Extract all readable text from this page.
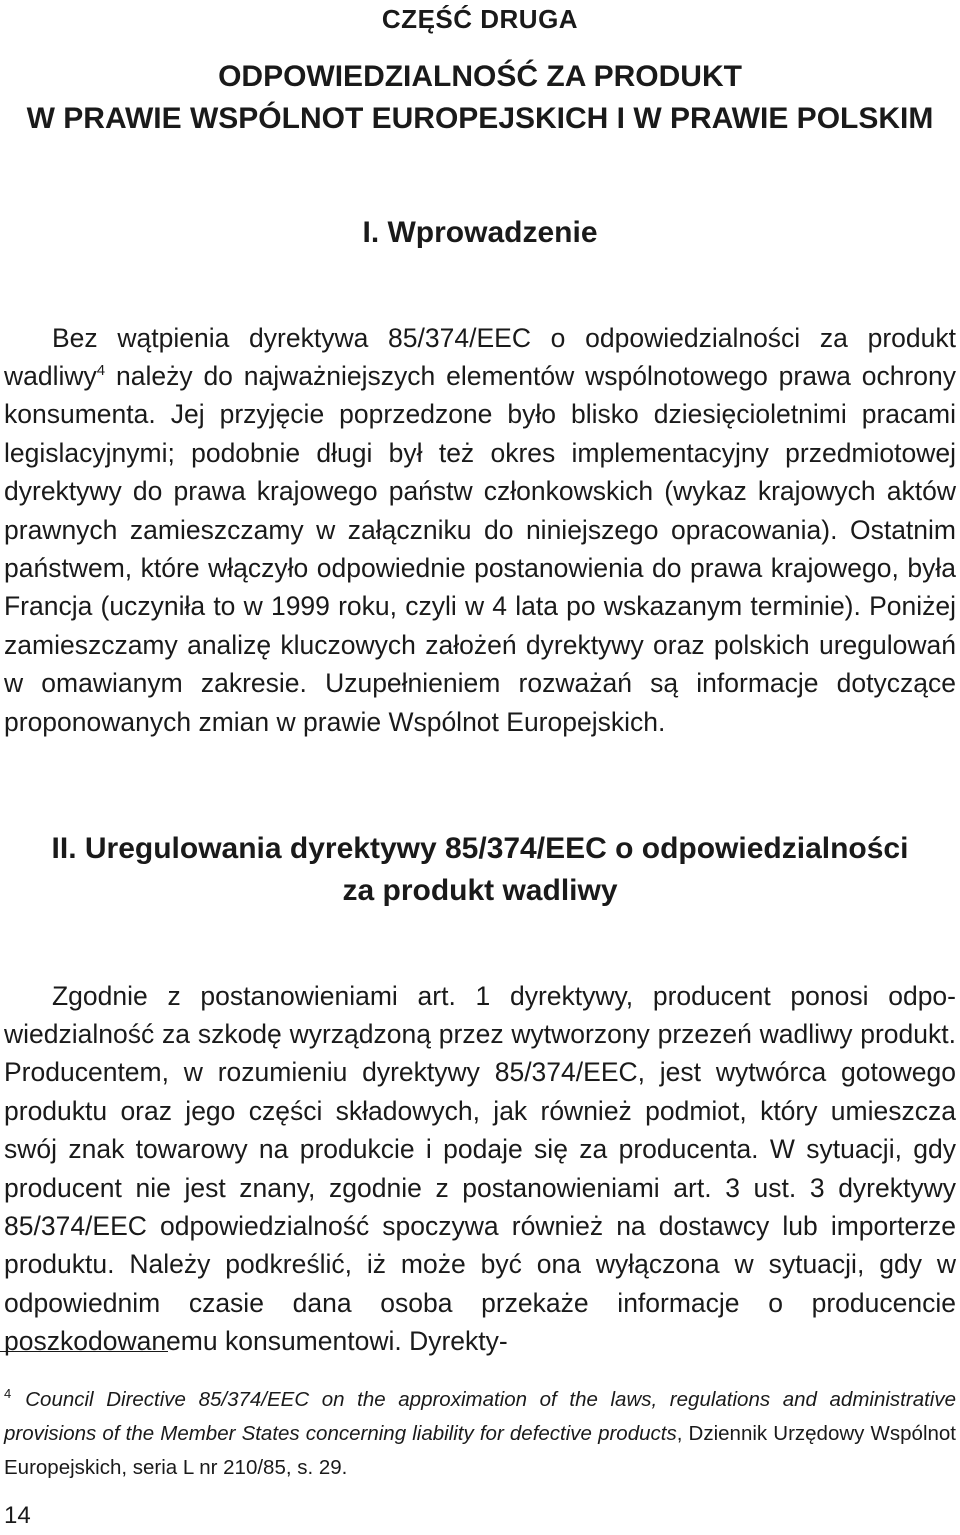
CZĘŚĆ DRUGA
ODPOWIEDZIALNOŚĆ ZA PRODUKT
W PRAWIE WSPÓLNOT EUROPEJSKICH I W PRAWIE POLSKIM
I. Wprowadzenie

Bez wątpienia dyrektywa 85/374/EEC o odpowiedzialności za produkt wadliwy$^4$ należy do najważniejszych elementów wspólnotowego prawa ochrony konsumenta. Jej przyjęcie poprzedzone było blisko dziesięcioletnimi pracami legislacyjnymi; podobnie długi był też okres implementacyjny przedmiotowej dyrektywy do prawa krajowego państw członkowskich (wykaz krajowych aktów prawnych zamieszczamy w załączniku do niniejszego opracowania). Ostatnim państwem, które włączyło odpowiednie postanowienia do prawa krajowego, była Francja (uczyniła to w 1999 roku, czyli w 4 lata po wskazanym terminie). Poniżej zamieszczamy analizę kluczowych założeń dyrektywy oraz polskich uregulowań w omawianym zakresie. Uzupełnieniem rozważań są informacje dotyczące proponowanych zmian w prawie Wspólnot Europejskich.

II. Uregulowania dyrektywy 85/374/EEC o odpowiedzialności
za produkt wadliwy

Zgodnie z postanowieniami art. 1 dyrektywy, producent ponosi odpowiedzialność za szkodę wyrządzoną przez wytworzony przezeń wadliwy produkt. Producentem, w rozumieniu dyrektywy 85/374/EEC, jest wytwórca gotowego produktu oraz jego części składowych, jak również podmiot, który umieszcza swój znak towarowy na produkcie i podaje się za producenta. W sytuacji, gdy producent nie jest znany, zgodnie z postanowieniami art. 3 ust. 3 dyrektywy 85/374/EEC odpowiedzialność spoczywa również na dostawcy lub importerze produktu. Należy podkreślić, iż może być ona wyłączona w sytuacji, gdy w odpowiednim czasie dana osoba przekaże informacje o producencie poszkodowanemu konsumentowi. Dyrekty-

$^4$ Council Directive 85/374/EEC on the approximation of the laws, regulations and administrative provisions of the Member States concerning liability for defective products, Dziennik Urzędowy Wspólnot Europejskich, seria L nr 210/85, s. 29.

14
